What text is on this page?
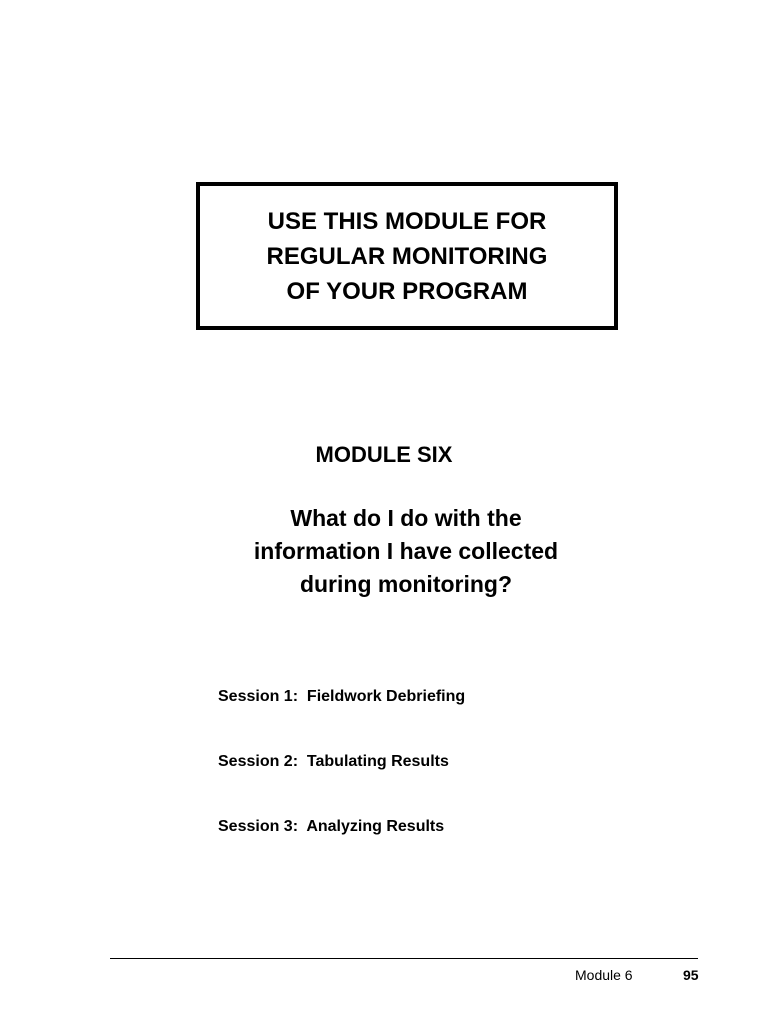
USE THIS MODULE FOR
REGULAR MONITORING
OF YOUR PROGRAM
MODULE SIX
What do I do with the
information I have collected
during monitoring?
Session 1:  Fieldwork Debriefing
Session 2:  Tabulating Results
Session 3:  Analyzing Results
Module 6	95
